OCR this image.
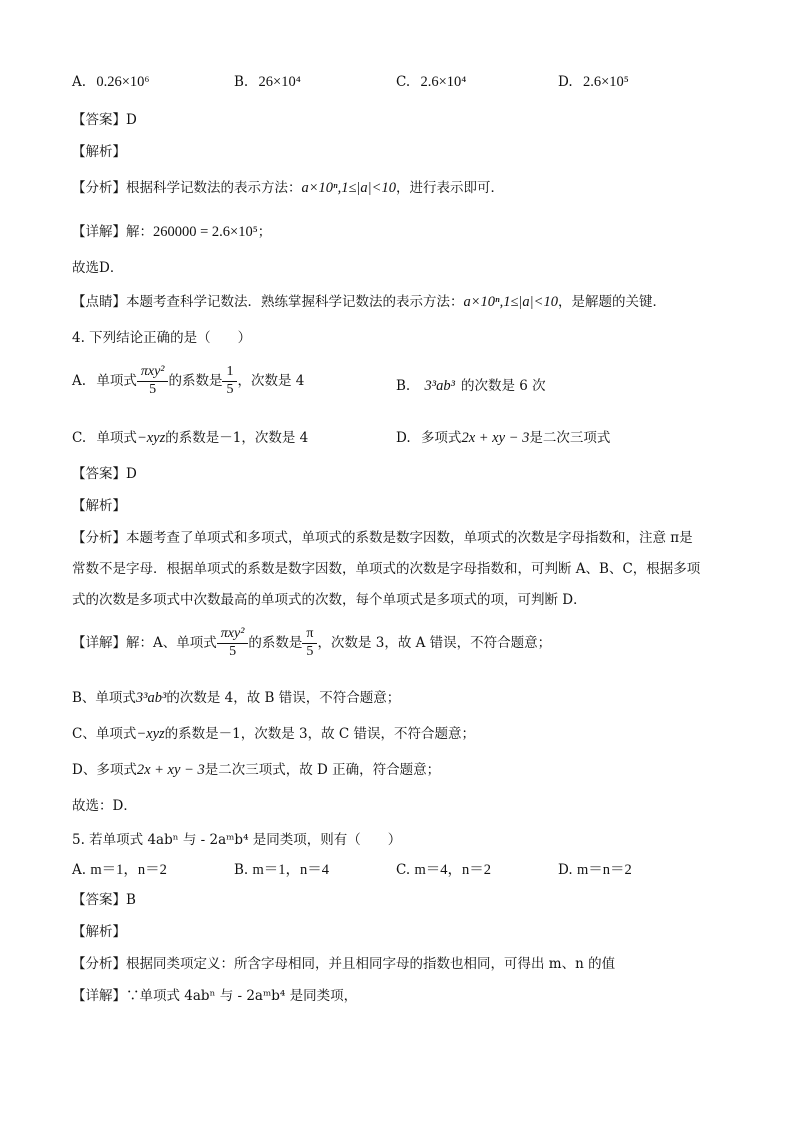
A. 0.26×10⁶	B. 26×10⁴	C. 2.6×10⁴	D. 2.6×10⁵
【答案】D
【解析】
【分析】根据科学记数法的表示方法：a×10ⁿ,1≤|a|<10，进行表示即可．
【详解】解：260000 = 2.6×10⁵；
故选D．
【点睛】本题考查科学记数法．熟练掌握科学记数法的表示方法：a×10ⁿ,1≤|a|<10，是解题的关键．
4. 下列结论正确的是（　　）
A. 单项式 $\frac{\text{πxy²}}{5}$ 的系数是 $\frac{1}{5}$ ，次数是 4	B. 3³ab³ 的次数是 6 次
C. 单项式−xyz的系数是－1，次数是 4	D. 多项式2x + xy − 3是二次三项式
【答案】D
【解析】
【分析】本题考查了单项式和多项式，单项式的系数是数字因数，单项式的次数是字母指数和，注意 π是
常数不是字母．根据单项式的系数是数字因数，单项式的次数是字母指数和，可判断 A、B、C，根据多项
式的次数是多项式中次数最高的单项式的次数，每个单项式是多项式的项，可判断 D．
【详解】解：A、单项式 $\frac{\text{πxy²}}{5}$ 的系数是 $\frac{\pi}{5}$ ，次数是 3，故 A 错误，不符合题意；
B、单项式3³ab³的次数是 4，故 B 错误，不符合题意；
C、单项式−xyz的系数是－1，次数是 3，故 C 错误，不符合题意；
D、多项式2x + xy − 3是二次三项式，故 D 正确，符合题意；
故选：D．
5. 若单项式 4abⁿ 与 - 2aᵐb⁴ 是同类项，则有（　　）
A. m＝1，n＝2	B. m＝1，n＝4	C. m＝4，n＝2	D. m＝n＝2
【答案】B
【解析】
【分析】根据同类项定义：所含字母相同，并且相同字母的指数也相同，可得出 m、n 的值
【详解】∵单项式 4abⁿ 与 - 2aᵐb⁴ 是同类项，
